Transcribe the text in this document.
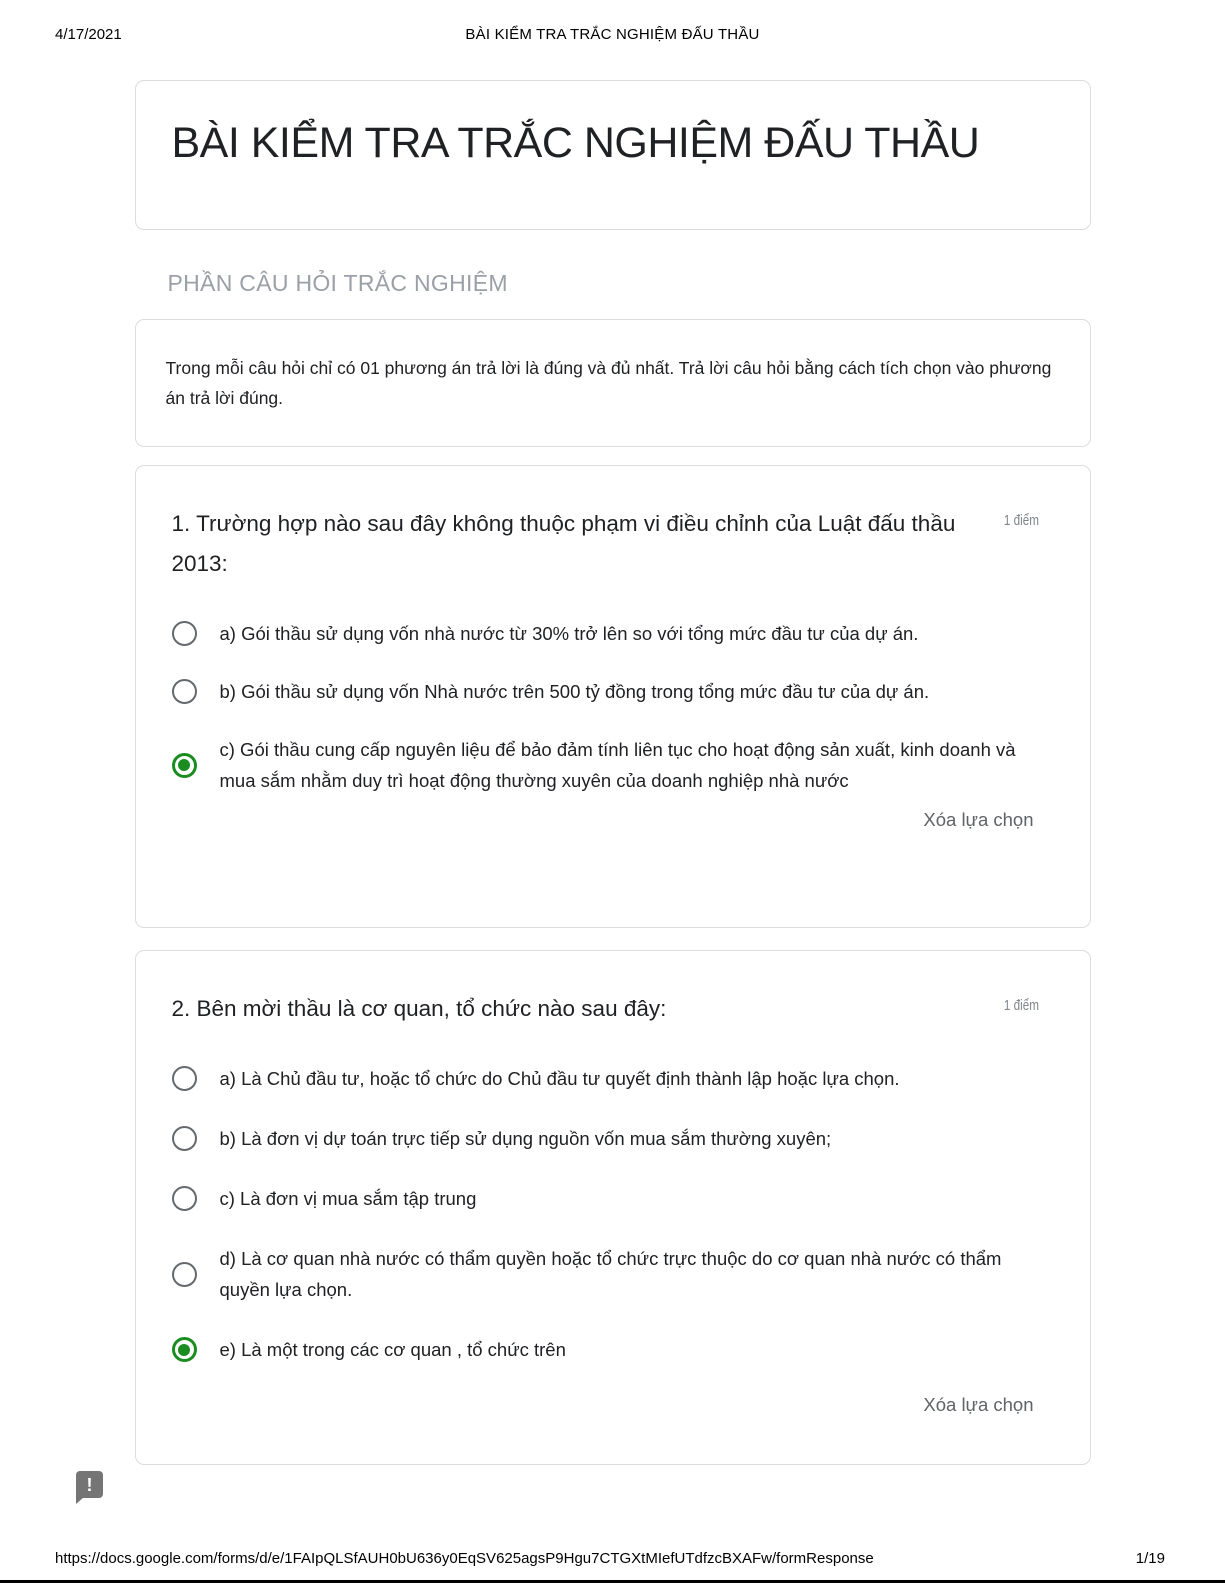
4/17/2021	BÀI KIỂM TRA TRẮC NGHIỆM ĐẤU THẦU
BÀI KIỂM TRA TRẮC NGHIỆM ĐẤU THẦU
PHẦN CÂU HỎI TRẮC NGHIỆM
Trong mỗi câu hỏi chỉ có 01 phương án trả lời là đúng và đủ nhất. Trả lời câu hỏi bằng cách tích chọn vào phương án trả lời đúng.
1. Trường hợp nào sau đây không thuộc phạm vi điều chỉnh của Luật đấu thầu 2013:
1 điểm
a) Gói thầu sử dụng vốn nhà nước từ 30% trở lên so với tổng mức đầu tư của dự án.
b) Gói thầu sử dụng vốn Nhà nước trên 500 tỷ đồng trong tổng mức đầu tư của dự án.
c) Gói thầu cung cấp nguyên liệu để bảo đảm tính liên tục cho hoạt động sản xuất, kinh doanh và mua sắm nhằm duy trì hoạt động thường xuyên của doanh nghiệp nhà nước
Xóa lựa chọn
2. Bên mời thầu là cơ quan, tổ chức nào sau đây:	1 điểm
a) Là Chủ đầu tư, hoặc tổ chức do Chủ đầu tư quyết định thành lập hoặc lựa chọn.
b) Là đơn vị dự toán trực tiếp sử dụng nguồn vốn mua sắm thường xuyên;
c) Là đơn vị mua sắm tập trung
d) Là cơ quan nhà nước có thẩm quyền hoặc tổ chức trực thuộc do cơ quan nhà nước có thẩm quyền lựa chọn.
e) Là một trong các cơ quan , tổ chức trên
Xóa lựa chọn
!
https://docs.google.com/forms/d/e/1FAIpQLSfAUH0bU636y0EqSV625agsP9Hgu7CTGXtMIefUTdfzcBXAFw/formResponse	1/19
